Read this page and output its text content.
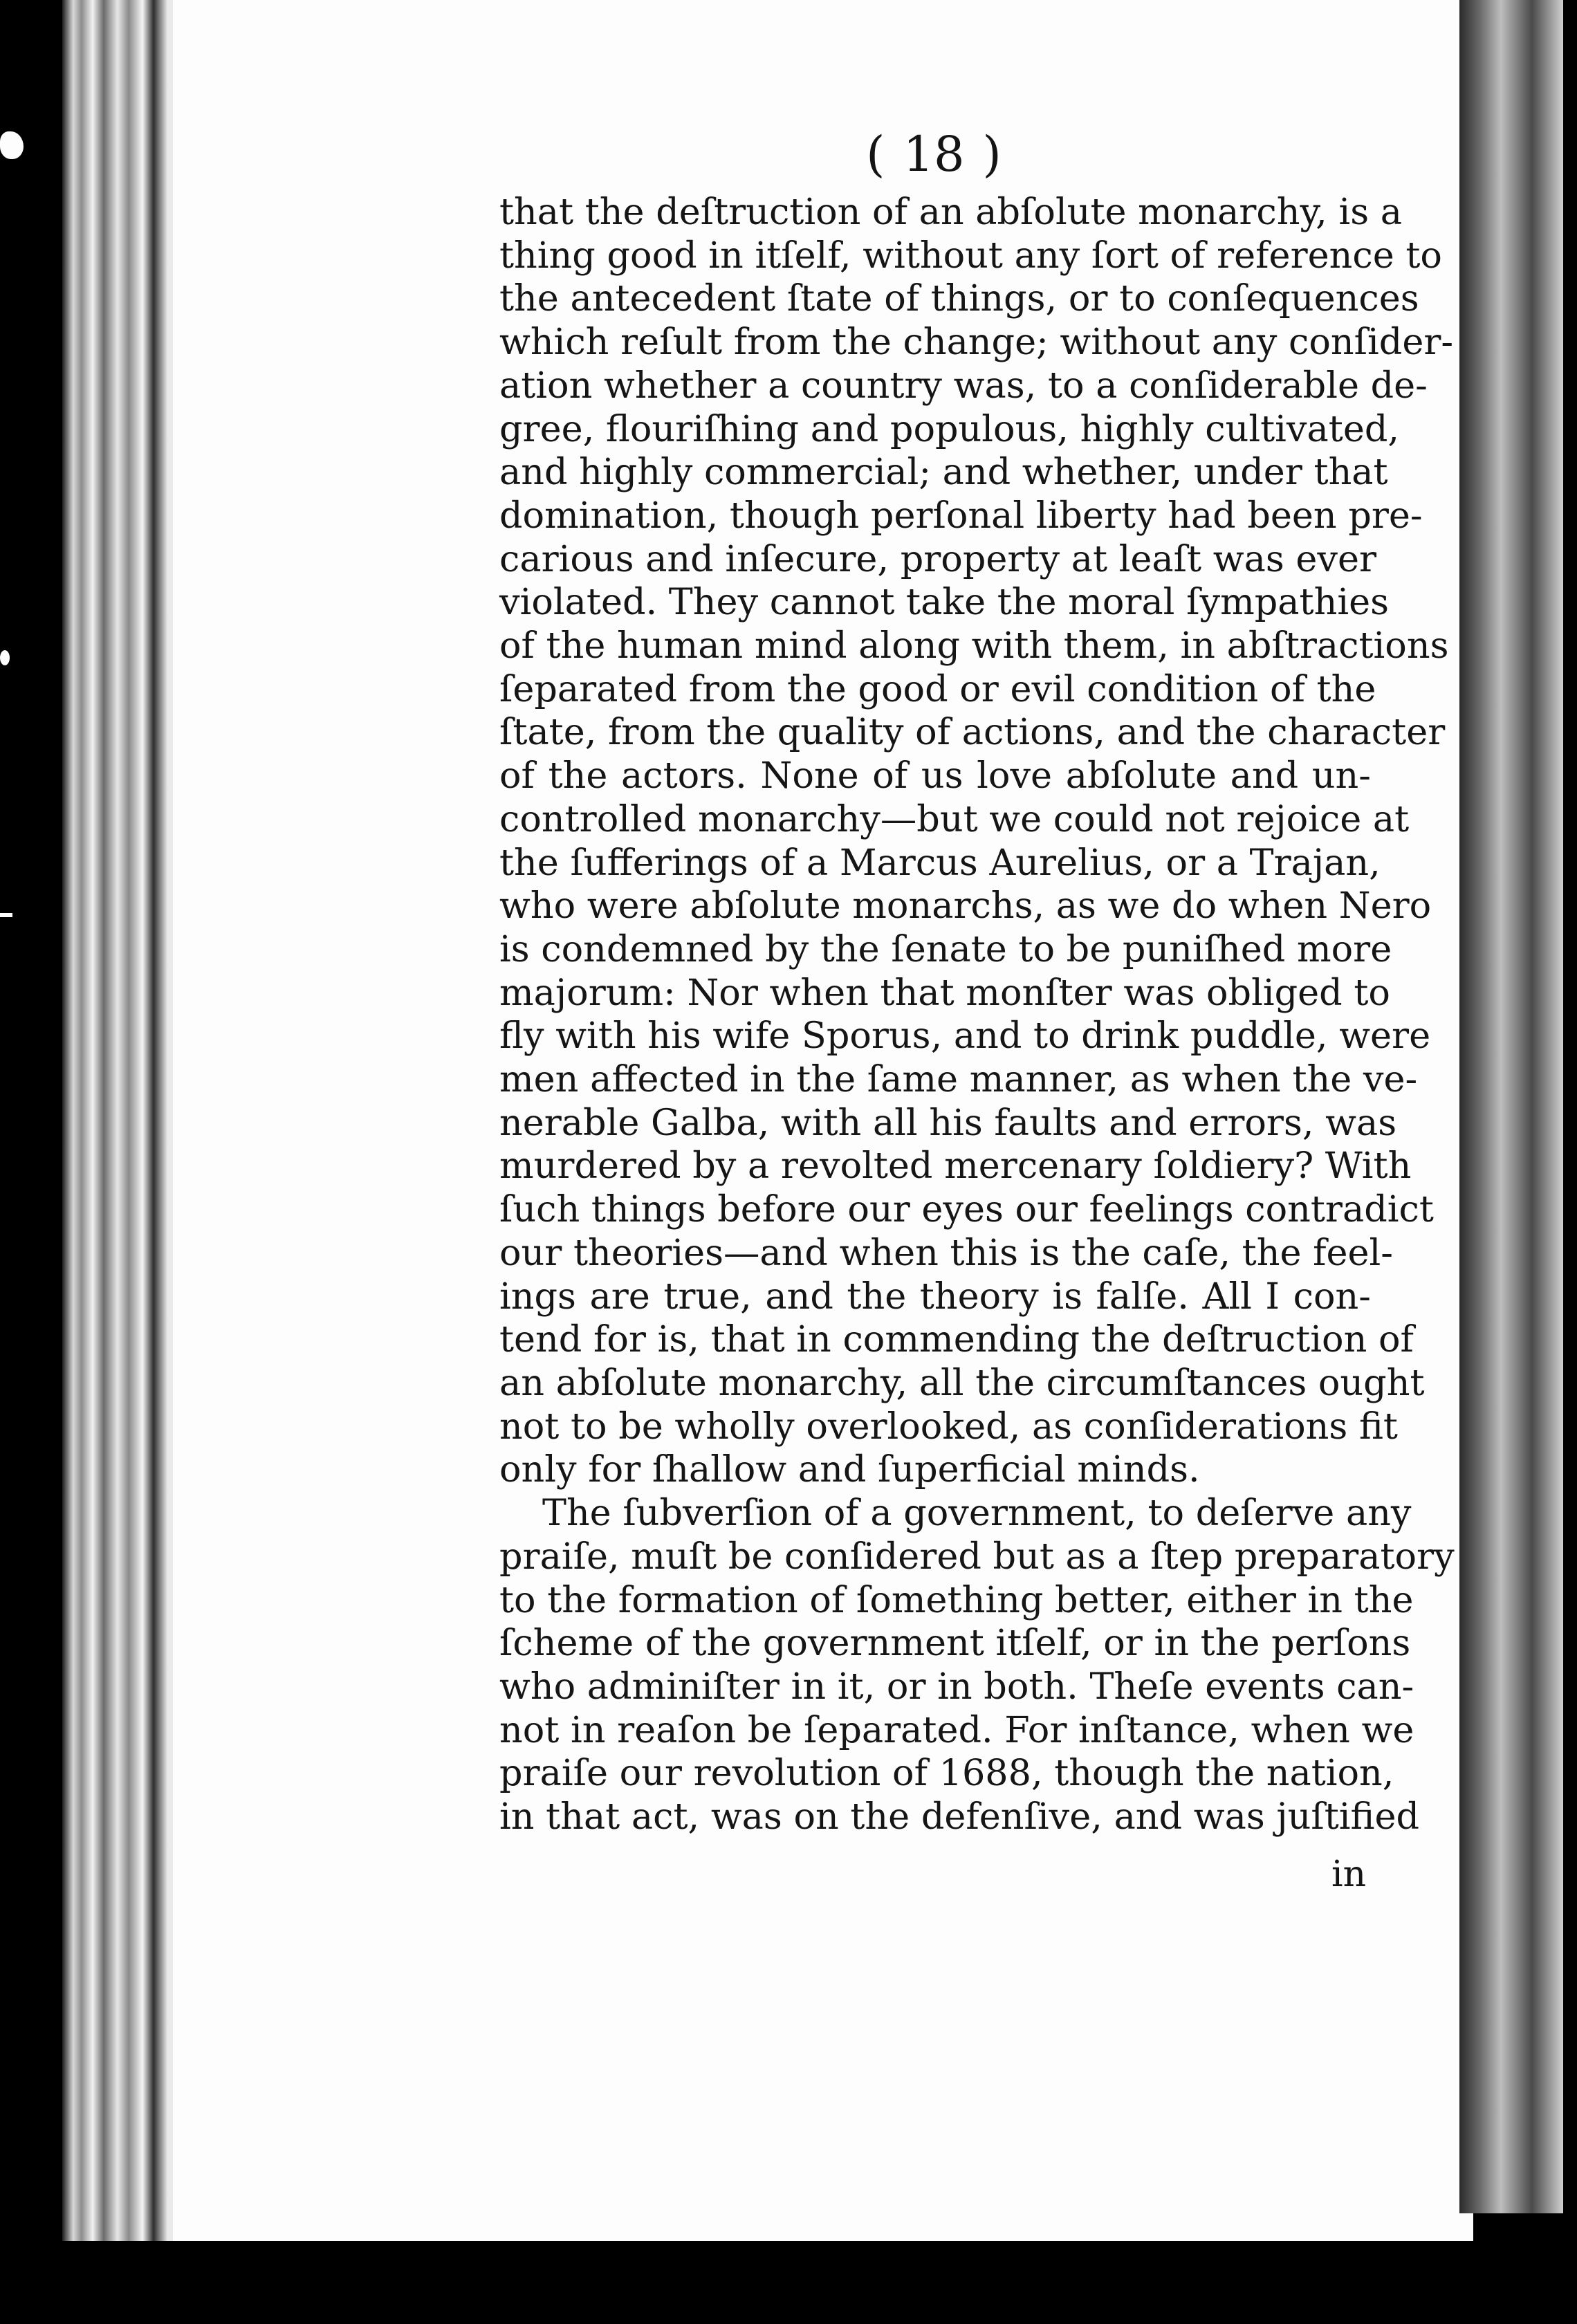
( 18 )
that the deſtruction of an abſolute monarchy, is a
thing good in itſelf, without any ſort of reference to
the antecedent ſtate of things, or to conſequences
which reſult from the change; without any conſider-
ation whether a country was, to a conſiderable de-
gree, flouriſhing and populous, highly cultivated,
and highly commercial; and whether, under that
domination, though perſonal liberty had been pre-
carious and inſecure, property at leaſt was ever
violated. They cannot take the moral ſympathies
of the human mind along with them, in abſtractions
ſeparated from the good or evil condition of the
ſtate, from the quality of actions, and the character
of the actors. None of us love abſolute and un-
controlled monarchy—but we could not rejoice at
the ſufferings of a Marcus Aurelius, or a Trajan,
who were abſolute monarchs, as we do when Nero
is condemned by the ſenate to be puniſhed more
majorum: Nor when that monſter was obliged to
fly with his wife Sporus, and to drink puddle, were
men affected in the ſame manner, as when the ve-
nerable Galba, with all his faults and errors, was
murdered by a revolted mercenary ſoldiery? With
ſuch things before our eyes our feelings contradict
our theories—and when this is the caſe, the feel-
ings are true, and the theory is falſe. All I con-
tend for is, that in commending the deſtruction of
an abſolute monarchy, all the circumſtances ought
not to be wholly overlooked, as conſiderations fit
only for ſhallow and ſuperficial minds.
The ſubverſion of a government, to deſerve any
praiſe, muſt be conſidered but as a ſtep preparatory
to the formation of ſomething better, either in the
ſcheme of the government itſelf, or in the perſons
who adminiſter in it, or in both. Theſe events can-
not in reaſon be ſeparated. For inſtance, when we
praiſe our revolution of 1688, though the nation,
in that act, was on the defenſive, and was juſtified
in
